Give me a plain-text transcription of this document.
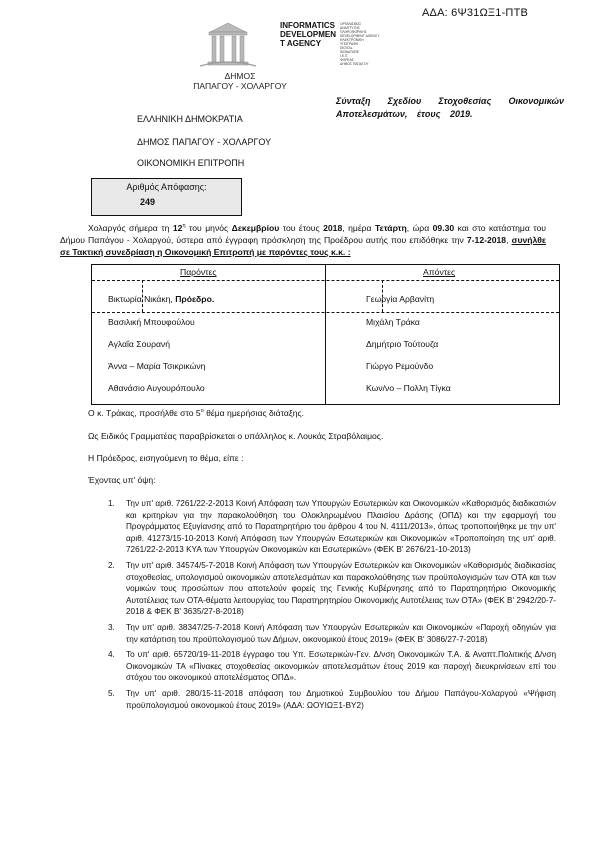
ΑΔΑ: 6Ψ31ΩΞ1-ΠΤΒ
INFORMATICS
DEVELOPMEN
T AGENCY
ΟΡΓΑΝΙΣΜΟΣ
ΑΝΑΠΤΥΞΗΣ
ΠΛΗΡΟΦΟΡΙΚΗΣ
DEVELOPMENT AGENCY
ΗΛΕΚΤΡΟΝΙΚΗ
ΥΠΟΓΡΑΦΗ
DIGITAL
SIGNATURE
Ι.Ε.Π.
ΦΟΡΕΑΣ
ΔΗΜΟΣ ΠΑΠΑΓΟΥ
ΔΗΜΟΣ
ΠΑΠΑΓΟΥ - ΧΟΛΑΡΓΟΥ
Σύνταξη Σχεδίου Στοχοθεσίας Οικονομικών Αποτελεσμάτων, έτους 2019.
ΕΛΛΗΝΙΚΗ ΔΗΜΟΚΡΑΤΙΑ
ΔΗΜΟΣ ΠΑΠΑΓΟΥ - ΧΟΛΑΡΓΟΥ
ΟΙΚΟΝΟΜΙΚΗ ΕΠΙΤΡΟΠΗ
Αριθμός Απόφασης:
249
Χολαργός σήμερα τη $12^\eta$ του μηνός Δεκεμβρίου του έτους 2018, ημέρα Τετάρτη, ώρα 09.30 και στο κατάστημα του Δήμου Παπάγου - Χολαργού, ύστερα από έγγραφη πρόσκληση της Προέδρου αυτής που επιδόθηκε την 7-12-2018, συνήλθε σε Τακτική συνεδρίαση η Οικονομική Επιτροπή με παρόντες τους κ.κ. :
Παρόντες	Απόντες
Βικτωρία Νικάκη, Πρόεδρο.
Βασιλική Μπουφούλου
Αγλαΐα Σουρανή
Άννα – Μαρία Τσικρικώνη
Αθανάσιο Αυγουρόπουλο
Γεωργία Αρβανίτη
Μιχάλη Τράκα
Δημήτριο Τούτουζα
Γιώργο Ρεμούνδο
Κων/νο – Πολλη Τίγκα
Ο κ. Τράκας, προσήλθε στο $5^o$ θέμα ημερήσιας διάταξης.
Ως Ειδικός Γραμματέας παραβρίσκεται ο υπάλληλος κ. Λουκάς Στραβόλαιμος.
Η Πρόεδρος, εισηγούμενη το θέμα, είπε :
Έχοντας υπ' όψη:
1. Την υπ' αριθ. 7261/22-2-2013 Κοινή Απόφαση των Υπουργών Εσωτερικών και Οικονομικών «Καθορισμός διαδικασιών και κριτηρίων για την παρακολούθηση του Ολοκληρωμένου Πλαισίου Δράσης (ΟΠΔ) και την εφαρμογή του Προγράμματος Εξυγίανσης από το Παρατηρητήριο του άρθρου 4 του Ν. 4111/2013», όπως τροποποιήθηκε με την υπ' αριθ. 41273/15-10-2013 Κοινή Απόφαση των Υπουργών Εσωτερικών και Οικονομικών «Τροποποίηση της υπ' αριθ. 7261/22-2-2013 ΚΥΑ των Υπουργών Οικονομικών και Εσωτερικών» (ΦΕΚ Β' 2676/21-10-2013)
2. Την υπ' αριθ. 34574/5-7-2018 Κοινή Απόφαση των Υπουργών Εσωτερικών και Οικονομικών «Καθορισμός διαδικασίας στοχοθεσίας, υπολογισμού οικονομικών αποτελεσμάτων και παρακολούθησης των προϋπολογισμών των ΟΤΑ και των νομικών τους προσώπων που αποτελούν φορείς της Γενικής Κυβέρνησης από το Παρατηρητήριο Οικονομικής Αυτοτέλειας των ΟΤΑ-θέματα λειτουργίας του Παρατηρητηρίου Οικονομικής Αυτοτέλειας των ΟΤΑ» (ΦΕΚ Β' 2942/20-7-2018 & ΦΕΚ Β' 3635/27-8-2018)
3. Την υπ' αριθ. 38347/25-7-2018 Κοινή Απόφαση των Υπουργών Εσωτερικών και Οικονομικών «Παροχή οδηγιών για την κατάρτιση του προϋπολογισμού των Δήμων, οικονομικού έτους 2019» (ΦΕΚ Β' 3086/27-7-2018)
4. Το υπ' αριθ. 65720/19-11-2018 έγγραφο του Υπ. Εσωτερικών-Γεν. Δ/νση Οικονομικών Τ.Α. & Αναπτ.Πολιτικής Δ/νση Οικονομικών ΤΑ «Πίνακες στοχοθεσίας οικονομικών αποτελεσμάτων έτους 2019 και παροχή διευκρινίσεων επί του στόχου του οικονομικού αποτελέσματος ΟΠΔ».
5. Την υπ' αριθ. 280/15-11-2018 απόφαση του Δημοτικού Συμβουλίου του Δήμου Παπάγου-Χολαργού «Ψήφιση προϋπολογισμού οικονομικού έτους 2019» (ΑΔΑ: ΩΟΥΙΩΞ1-ΒΥ2)
